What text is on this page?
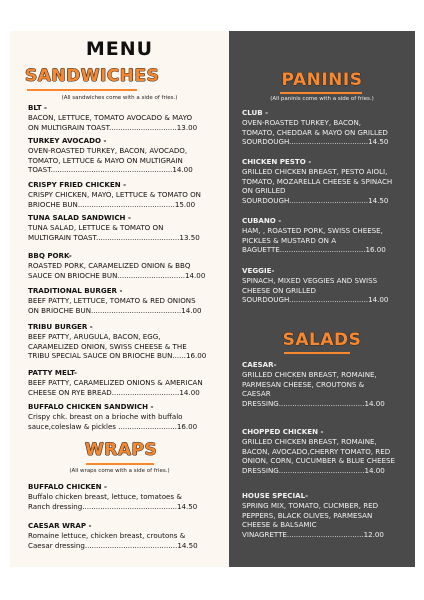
MENU
SANDWICHES
(All sandwiches come with a side of fries.)
BLT -
BACON, LETTUCE, TOMATO AVOCADO & MAYO
ON MULTIGRAIN TOAST..............................13.00
TURKEY AVOCADO -
OVEN-ROASTED TURKEY, BACON, AVOCADO,
TOMATO, LETTUCE & MAYO ON MULTIGRAIN
TOAST......................................................14.00
CRISPY FRIED CHICKEN -
CRISPY CHICKEN, MAYO, LETTUCE & TOMATO ON
BRIOCHE BUN...........................................15.00
TUNA SALAD SANDWICH -
TUNA SALAD, LETTUCE & TOMATO ON
MULTIGRAIN TOAST.....................................13.50
BBQ PORK-
ROASTED PORK, CARAMELIZED ONION & BBQ
SAUCE ON BRIOCHE BUN..............................14.00
TRADITIONAL BURGER -
BEEF PATTY, LETTUCE, TOMATO & RED ONIONS
ON BRIOCHE BUN........................................14.00
TRIBU BURGER -
BEEF PATTY, ARUGULA, BACON, EGG,
CARAMELIZED ONION, SWISS CHEESE & THE
TRIBU SPECIAL SAUCE ON BRIOCHE BUN......16.00
PATTY MELT-
BEEF PATTY, CARAMELIZED ONIONS & AMERICAN
CHEESE ON RYE BREAD..............................14.00
BUFFALO CHICKEN SANDWICH -
Crispy chk. breast on a brioche with buffalo
sauce,coleslaw & pickles ..........................16.00
WRAPS
(All wraps come with a side of fries.)
BUFFALO CHICKEN -
Buffalo chicken breast, lettuce, tomatoes &
Ranch dressing..........................................14.50
CAESAR WRAP -
Romaine lettuce, chicken breast, croutons &
Caesar dressing.........................................14.50
PANINIS
(All paninis come with a side of fries.)
CLUB -
OVEN-ROASTED TURKEY, BACON,
TOMATO, CHEDDAR & MAYO ON GRILLED
SOURDOUGH...................................14.50
CHICKEN PESTO -
GRILLED CHICKEN BREAST, PESTO AIOLI,
TOMATO, MOZARELLA CHEESE & SPINACH
ON GRILLED
SOURDOUGH...................................14.50
CUBANO -
HAM, , ROASTED PORK, SWISS CHEESE,
PICKLES & MUSTARD ON A
BAGUETTE......................................16.00
VEGGIE-
SPINACH, MIXED VEGGIES AND SWISS
CHEESE ON GRILLED
SOURDOUGH...................................14.00
SALADS
CAESAR-
GRILLED CHICKEN BREAST, ROMAINE,
PARMESAN CHEESE, CROUTONS &
CAESAR
DRESSING......................................14.00
CHOPPED CHICKEN -
GRILLED CHICKEN BREAST, ROMAINE,
BACON, AVOCADO,CHERRY TOMATO, RED
ONION, CORN, CUCUMBER & BLUE CHEESE
DRESSING......................................14.00
HOUSE SPECIAL-
SPRING MIX, TOMATO, CUCMBER, RED
PEPPERS, BLACK OLIVES, PARMESAN
CHEESE & BALSAMIC
VINAGRETTE..................................12.00
